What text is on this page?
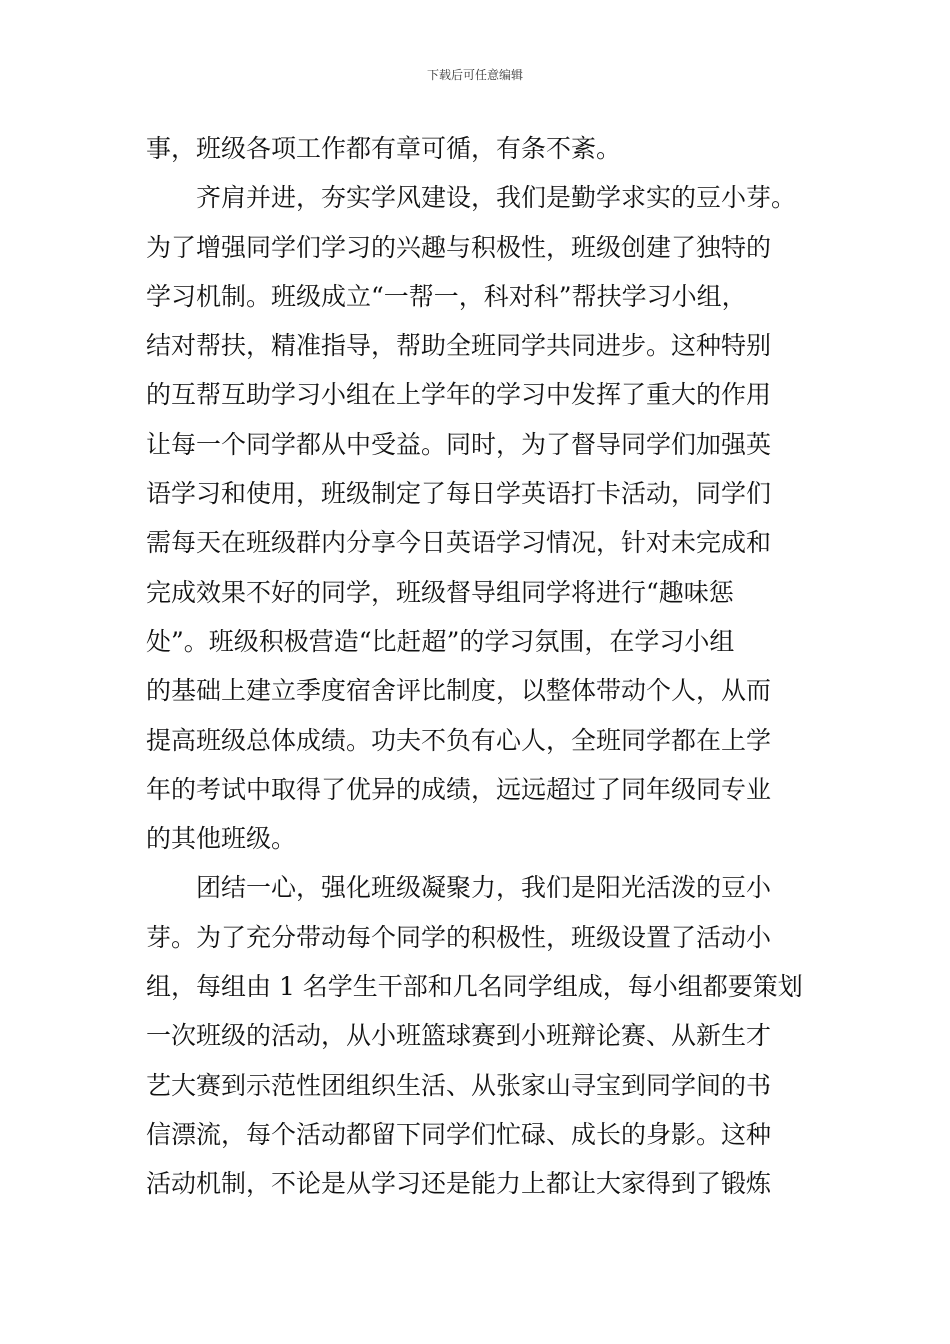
下载后可任意编辑
事，班级各项工作都有章可循，有条不紊。
齐肩并进，夯实学风建设，我们是勤学求实的豆小芽。
为了增强同学们学习的兴趣与积极性，班级创建了独特的
学习机制。班级成立“一帮一，科对科”帮扶学习小组，
结对帮扶，精准指导，帮助全班同学共同进步。这种特别
的互帮互助学习小组在上学年的学习中发挥了重大的作用
让每一个同学都从中受益。同时，为了督导同学们加强英
语学习和使用，班级制定了每日学英语打卡活动，同学们
需每天在班级群内分享今日英语学习情况，针对未完成和
完成效果不好的同学，班级督导组同学将进行“趣味惩
处”。班级积极营造“比赶超”的学习氛围，在学习小组
的基础上建立季度宿舍评比制度，以整体带动个人，从而
提高班级总体成绩。功夫不负有心人，全班同学都在上学
年的考试中取得了优异的成绩，远远超过了同年级同专业
的其他班级。
团结一心，强化班级凝聚力，我们是阳光活泼的豆小
芽。为了充分带动每个同学的积极性，班级设置了活动小
组，每组由 1 名学生干部和几名同学组成，每小组都要策划
一次班级的活动，从小班篮球赛到小班辩论赛、从新生才
艺大赛到示范性团组织生活、从张家山寻宝到同学间的书
信漂流，每个活动都留下同学们忙碌、成长的身影。这种
活动机制，不论是从学习还是能力上都让大家得到了锻炼
